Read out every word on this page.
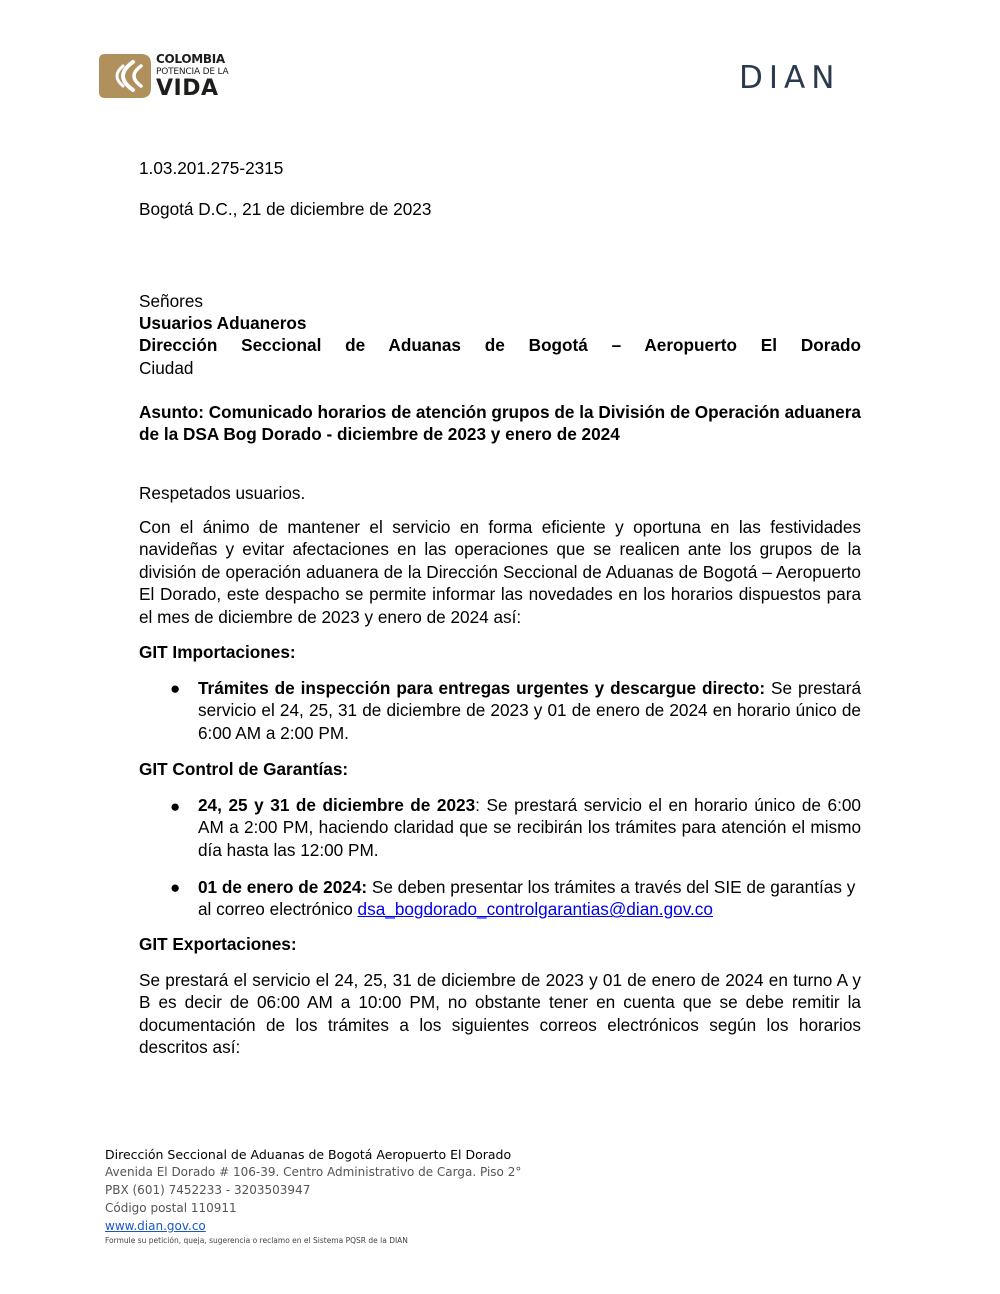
COLOMBIA
POTENCIA DE LA
VIDA	DIAN
1.03.201.275-2315
Bogotá D.C., 21 de diciembre de 2023
Señores
Usuarios Aduaneros
Dirección Seccional de Aduanas de Bogotá – Aeropuerto El Dorado
Ciudad
Asunto: Comunicado horarios de atención grupos de la División de Operación aduanera de la DSA Bog Dorado - diciembre de 2023 y enero de 2024
Respetados usuarios.
Con el ánimo de mantener el servicio en forma eficiente y oportuna en las festividades navideñas y evitar afectaciones en las operaciones que se realicen ante los grupos de la división de operación aduanera de la Dirección Seccional de Aduanas de Bogotá – Aeropuerto El Dorado, este despacho se permite informar las novedades en los horarios dispuestos para el mes de diciembre de 2023 y enero de 2024 así:
GIT Importaciones:
● Trámites de inspección para entregas urgentes y descargue directo: Se prestará servicio el 24, 25, 31 de diciembre de 2023 y 01 de enero de 2024 en horario único de 6:00 AM a 2:00 PM.
GIT Control de Garantías:
● 24, 25 y 31 de diciembre de 2023: Se prestará servicio el en horario único de 6:00 AM a 2:00 PM, haciendo claridad que se recibirán los trámites para atención el mismo día hasta las 12:00 PM.
● 01 de enero de 2024: Se deben presentar los trámites a través del SIE de garantías y al correo electrónico dsa_bogdorado_controlgarantias@dian.gov.co
GIT Exportaciones:
Se prestará el servicio el 24, 25, 31 de diciembre de 2023 y 01 de enero de 2024 en turno A y B es decir de 06:00 AM a 10:00 PM, no obstante tener en cuenta que se debe remitir la documentación de los trámites a los siguientes correos electrónicos según los horarios descritos así:
Dirección Seccional de Aduanas de Bogotá Aeropuerto El Dorado
Avenida El Dorado # 106-39. Centro Administrativo de Carga. Piso 2°
PBX (601) 7452233 - 3203503947
Código postal 110911
www.dian.gov.co
Formule su petición, queja, sugerencia o reclamo en el Sistema PQSR de la DIAN
